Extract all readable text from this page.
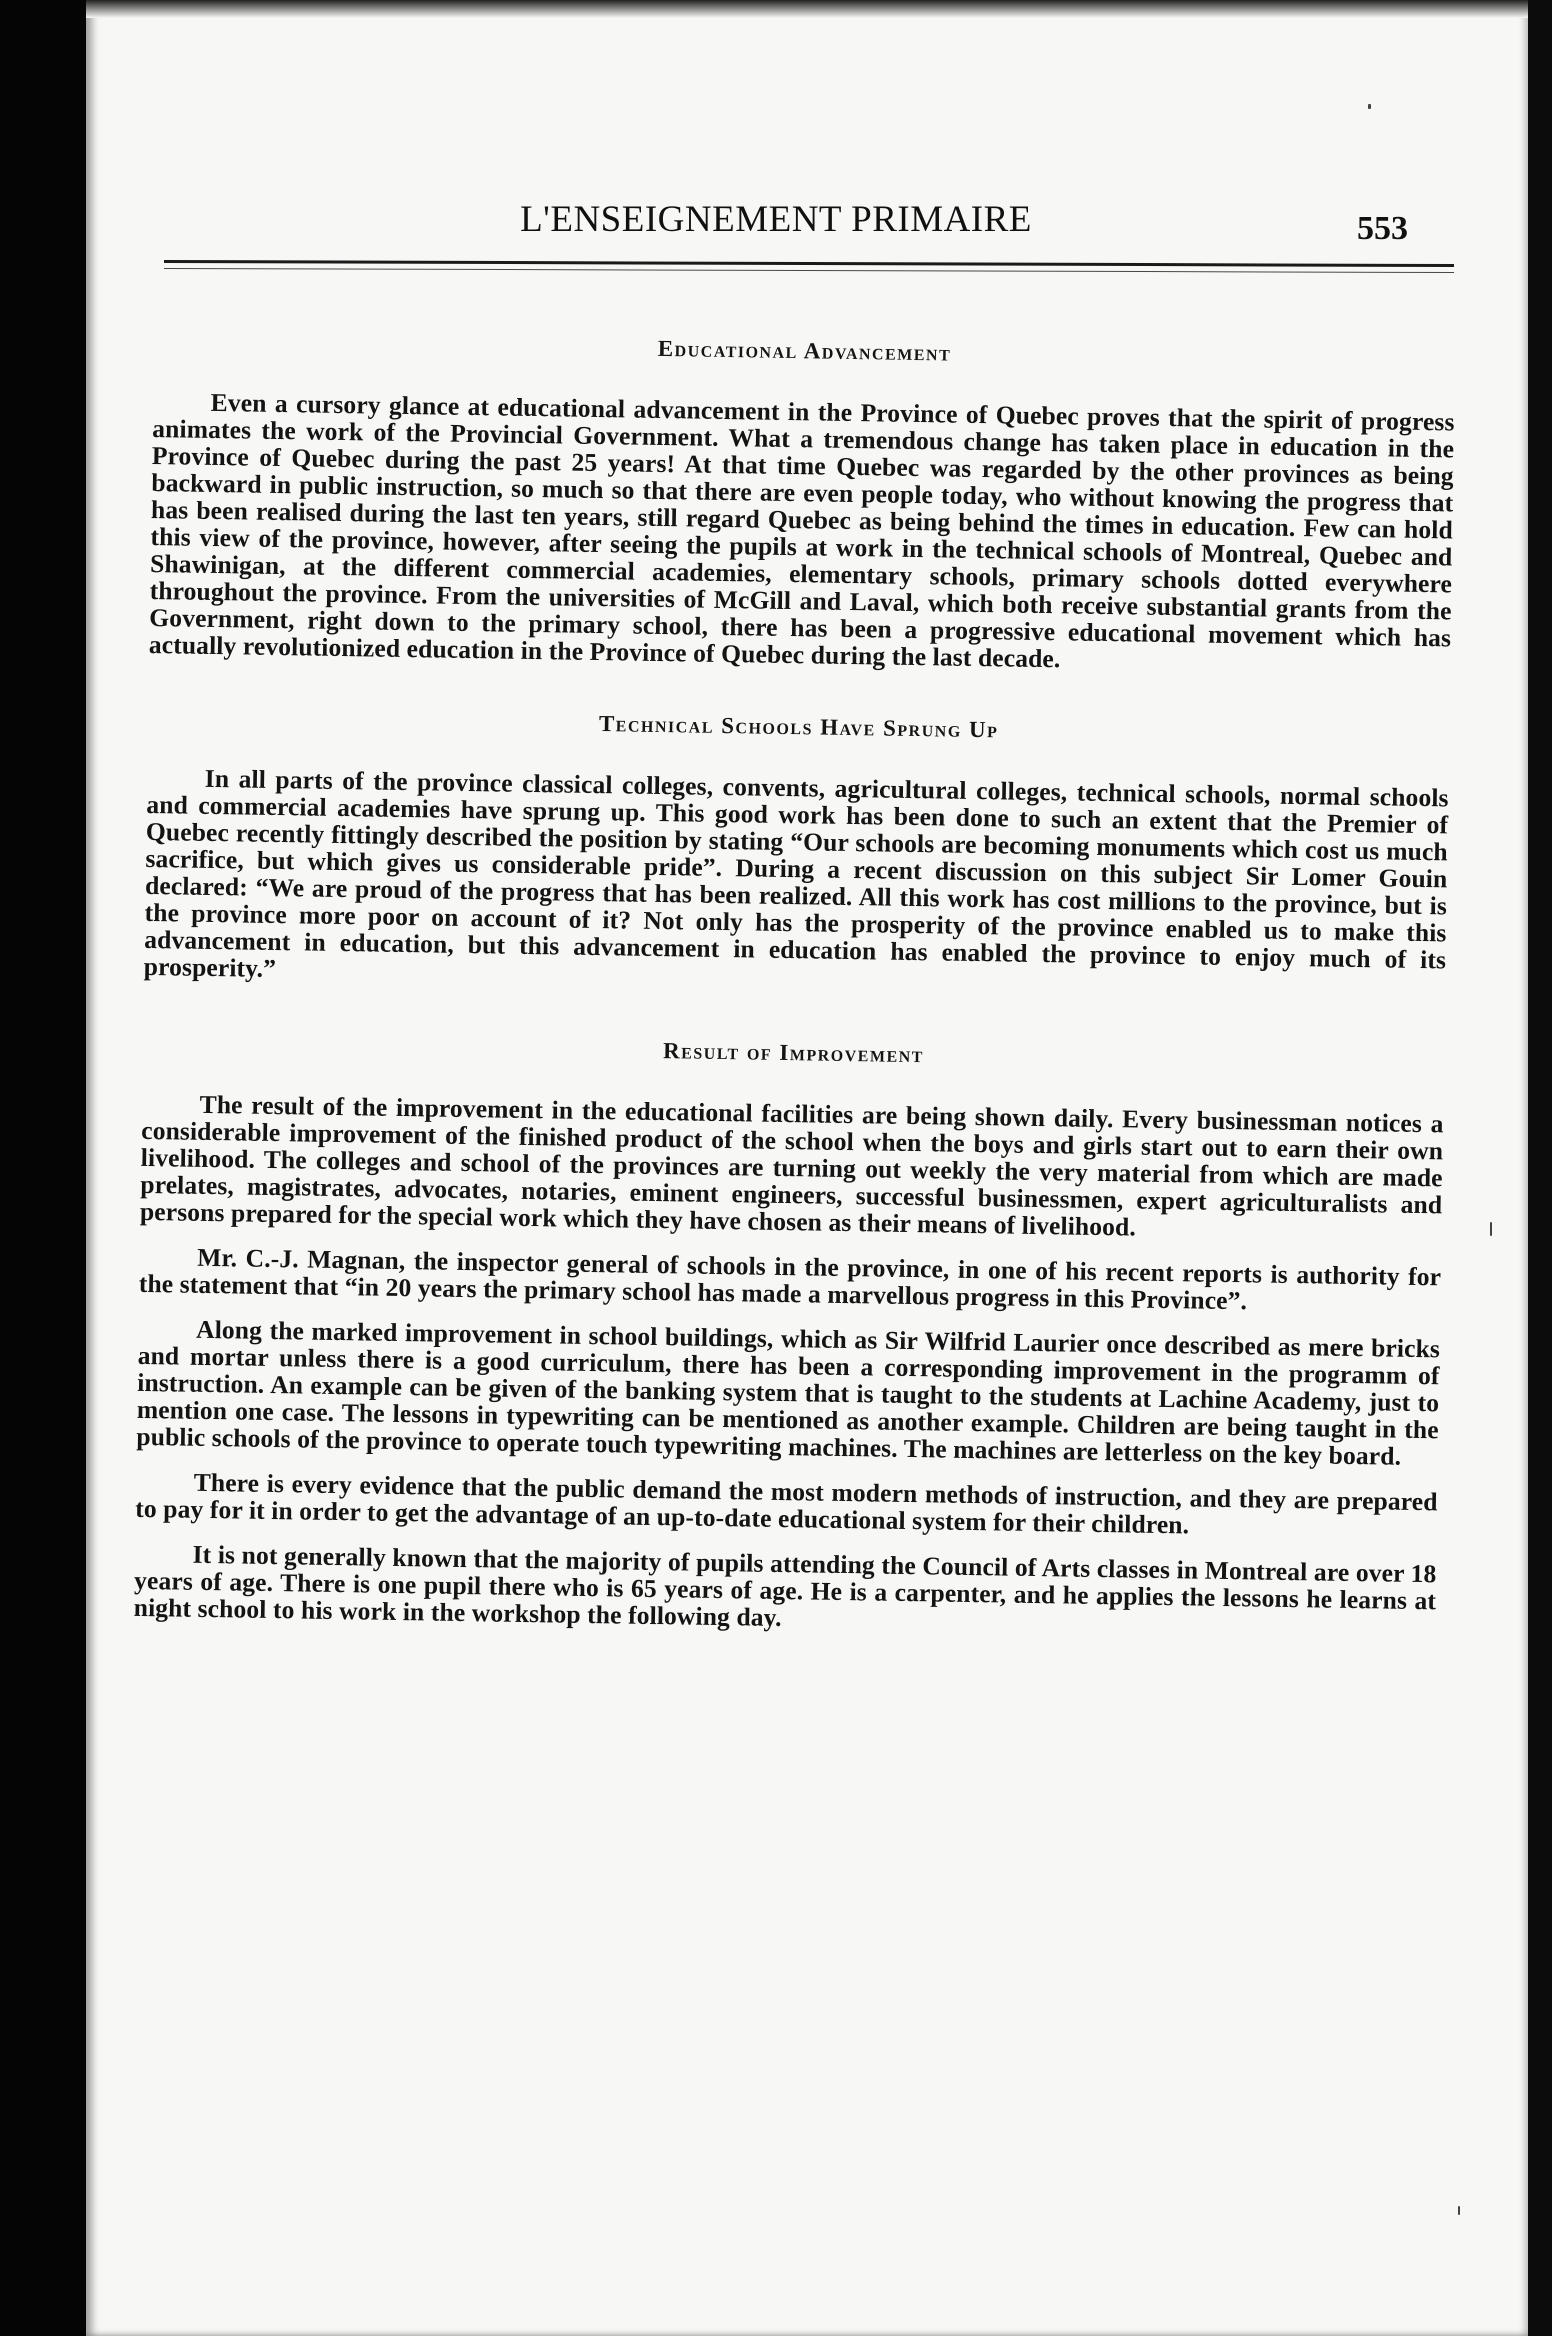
L'ENSEIGNEMENT PRIMAIRE	553
Educational Advancement

Even a cursory glance at educational advancement in the Province of Quebec proves that the spirit of progress animates the work of the Provincial Government. What a tremendous change has taken place in education in the Province of Quebec during the past 25 years! At that time Quebec was regarded by the other provinces as being backward in public instruction, so much so that there are even people today, who without knowing the progress that has been realised during the last ten years, still regard Quebec as being behind the times in education. Few can hold this view of the province, however, after seeing the pupils at work in the technical schools of Montreal, Quebec and Shawinigan, at the different commercial academies, elementary schools, primary schools dotted everywhere throughout the province. From the universities of McGill and Laval, which both receive substantial grants from the Government, right down to the primary school, there has been a progressive educational movement which has actually revolutionized education in the Province of Quebec during the last decade.

Technical Schools Have Sprung Up

In all parts of the province classical colleges, convents, agricultural colleges, technical schools, normal schools and commercial academies have sprung up. This good work has been done to such an extent that the Premier of Quebec recently fittingly described the position by stating “Our schools are becoming monuments which cost us much sacrifice, but which gives us considerable pride”. During a recent discussion on this subject Sir Lomer Gouin declared: “We are proud of the progress that has been realized. All this work has cost millions to the province, but is the province more poor on account of it? Not only has the prosperity of the province enabled us to make this advancement in education, but this advancement in education has enabled the province to enjoy much of its prosperity.”

Result of Improvement

The result of the improvement in the educational facilities are being shown daily. Every businessman notices a considerable improvement of the finished product of the school when the boys and girls start out to earn their own livelihood. The colleges and school of the provinces are turning out weekly the very material from which are made prelates, magistrates, advocates, notaries, eminent engineers, successful businessmen, expert agriculturalists and persons prepared for the special work which they have chosen as their means of livelihood.

Mr. C.-J. Magnan, the inspector general of schools in the province, in one of his recent reports is authority for the statement that “in 20 years the primary school has made a marvellous progress in this Province”.

Along the marked improvement in school buildings, which as Sir Wilfrid Laurier once described as mere bricks and mortar unless there is a good curriculum, there has been a corresponding improvement in the programm of instruction. An example can be given of the banking system that is taught to the students at Lachine Academy, just to mention one case. The lessons in typewriting can be mentioned as another example. Children are being taught in the public schools of the province to operate touch typewriting machines. The machines are letterless on the key board.

There is every evidence that the public demand the most modern methods of instruction, and they are prepared to pay for it in order to get the advantage of an up-to-date educational system for their children.

It is not generally known that the majority of pupils attending the Council of Arts classes in Montreal are over 18 years of age. There is one pupil there who is 65 years of age. He is a carpenter, and he applies the lessons he learns at night school to his work in the workshop the following day.
